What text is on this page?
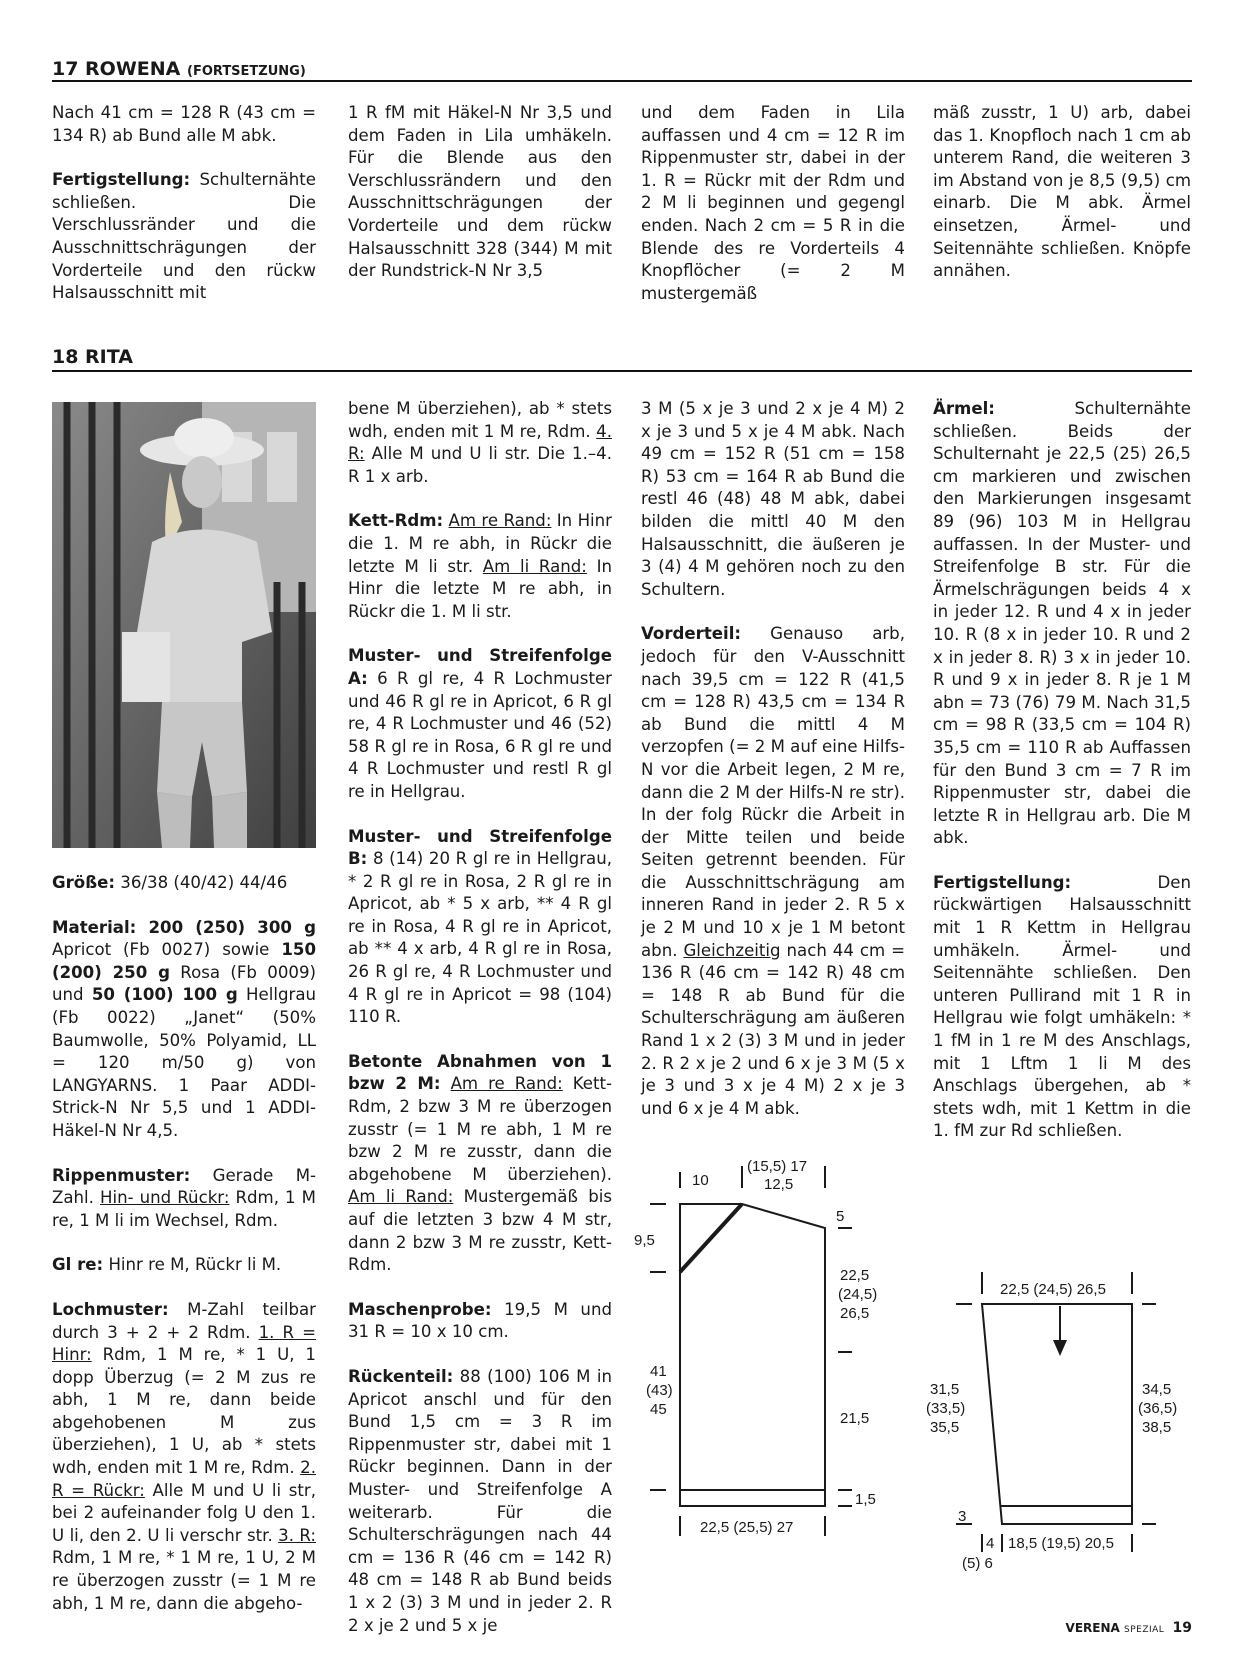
17 ROWENA (FORTSETZUNG)

Nach 41 cm = 128 R (43 cm = 134 R) ab Bund alle M abk.

Fertigstellung: Schulternähte schließen. Die Verschlussränder und die Ausschnittschrägungen der Vorderteile und den rückw Halsausschnitt mit

1 R fM mit Häkel-N Nr 3,5 und dem Faden in Lila umhäkeln. Für die Blende aus den Verschlussrändern und den Ausschnittschrägungen der Vorderteile und dem rückw Halsausschnitt 328 (344) M mit der Rundstrick-N Nr 3,5

und dem Faden in Lila auffassen und 4 cm = 12 R im Rippenmuster str, dabei in der 1. R = Rückr mit der Rdm und 2 M li beginnen und gegengl enden. Nach 2 cm = 5 R in die Blende des re Vorderteils 4 Knopflöcher (= 2 M mustergemäß

mäß zusstr, 1 U) arb, dabei das 1. Knopfloch nach 1 cm ab unterem Rand, die weiteren 3 im Abstand von je 8,5 (9,5) cm einarb. Die M abk. Ärmel einsetzen, Ärmel- und Seitennähte schließen. Knöpfe annähen.

18 RITA

Größe: 36/38 (40/42) 44/46

Material: 200 (250) 300 g Apricot (Fb 0027) sowie 150 (200) 250 g Rosa (Fb 0009) und 50 (100) 100 g Hellgrau (Fb 0022) „Janet“ (50% Baumwolle, 50% Polyamid, LL = 120 m/50 g) von LANGYARNS. 1 Paar ADDI-Strick-N Nr 5,5 und 1 ADDI-Häkel-N Nr 4,5.

Rippenmuster: Gerade M-Zahl. Hin- und Rückr: Rdm, 1 M re, 1 M li im Wechsel, Rdm.

Gl re: Hinr re M, Rückr li M.

Lochmuster: M-Zahl teilbar durch 3 + 2 + 2 Rdm. 1. R = Hinr: Rdm, 1 M re, * 1 U, 1 dopp Überzug (= 2 M zus re abh, 1 M re, dann beide abgehobenen M zus überziehen), 1 U, ab * stets wdh, enden mit 1 M re, Rdm. 2. R = Rückr: Alle M und U li str, bei 2 aufeinander folg U den 1. U li, den 2. U li verschr str. 3. R: Rdm, 1 M re, * 1 M re, 1 U, 2 M re überzogen zusstr (= 1 M re abh, 1 M re, dann die abgeho-

bene M überziehen), ab * stets wdh, enden mit 1 M re, Rdm. 4. R: Alle M und U li str. Die 1.–4. R 1 x arb.

Kett-Rdm: Am re Rand: In Hinr die 1. M re abh, in Rückr die letzte M li str. Am li Rand: In Hinr die letzte M re abh, in Rückr die 1. M li str.

Muster- und Streifenfolge A: 6 R gl re, 4 R Lochmuster und 46 R gl re in Apricot, 6 R gl re, 4 R Lochmuster und 46 (52) 58 R gl re in Rosa, 6 R gl re und 4 R Lochmuster und restl R gl re in Hellgrau.

Muster- und Streifenfolge B: 8 (14) 20 R gl re in Hellgrau, * 2 R gl re in Rosa, 2 R gl re in Apricot, ab * 5 x arb, ** 4 R gl re in Rosa, 4 R gl re in Apricot, ab ** 4 x arb, 4 R gl re in Rosa, 26 R gl re, 4 R Lochmuster und 4 R gl re in Apricot = 98 (104) 110 R.

Betonte Abnahmen von 1 bzw 2 M: Am re Rand: Kett-Rdm, 2 bzw 3 M re überzogen zusstr (= 1 M re abh, 1 M re bzw 2 M re zusstr, dann die abgehobene M überziehen). Am li Rand: Mustergemäß bis auf die letzten 3 bzw 4 M str, dann 2 bzw 3 M re zusstr, Kett-Rdm.

Maschenprobe: 19,5 M und 31 R = 10 x 10 cm.

Rückenteil: 88 (100) 106 M in Apricot anschl und für den Bund 1,5 cm = 3 R im Rippenmuster str, dabei mit 1 Rückr beginnen. Dann in der Muster- und Streifenfolge A weiterarb. Für die Schulterschrägungen nach 44 cm = 136 R (46 cm = 142 R) 48 cm = 148 R ab Bund beids 1 x 2 (3) 3 M und in jeder 2. R 2 x je 2 und 5 x je

3 M (5 x je 3 und 2 x je 4 M) 2 x je 3 und 5 x je 4 M abk. Nach 49 cm = 152 R (51 cm = 158 R) 53 cm = 164 R ab Bund die restl 46 (48) 48 M abk, dabei bilden die mittl 40 M den Halsausschnitt, die äußeren je 3 (4) 4 M gehören noch zu den Schultern.

Vorderteil: Genauso arb, jedoch für den V-Ausschnitt nach 39,5 cm = 122 R (41,5 cm = 128 R) 43,5 cm = 134 R ab Bund die mittl 4 M verzopfen (= 2 M auf eine Hilfs-N vor die Arbeit legen, 2 M re, dann die 2 M der Hilfs-N re str). In der folg Rückr die Arbeit in der Mitte teilen und beide Seiten getrennt beenden. Für die Ausschnittschrägung am inneren Rand in jeder 2. R 5 x je 2 M und 10 x je 1 M betont abn. Gleichzeitig nach 44 cm = 136 R (46 cm = 142 R) 48 cm = 148 R ab Bund für die Schulterschrägung am äußeren Rand 1 x 2 (3) 3 M und in jeder 2. R 2 x je 2 und 6 x je 3 M (5 x je 3 und 3 x je 4 M) 2 x je 3 und 6 x je 4 M abk.

Ärmel: Schulternähte schließen. Beids der Schulternaht je 22,5 (25) 26,5 cm markieren und zwischen den Markierungen insgesamt 89 (96) 103 M in Hellgrau auffassen. In der Muster- und Streifenfolge B str. Für die Ärmelschrägungen beids 4 x in jeder 12. R und 4 x in jeder 10. R (8 x in jeder 10. R und 2 x in jeder 8. R) 3 x in jeder 10. R und 9 x in jeder 8. R je 1 M abn = 73 (76) 79 M. Nach 31,5 cm = 98 R (33,5 cm = 104 R) 35,5 cm = 110 R ab Auffassen für den Bund 3 cm = 7 R im Rippenmuster str, dabei die letzte R in Hellgrau arb. Die M abk.

Fertigstellung: Den rückwärtigen Halsausschnitt mit 1 R Kettm in Hellgrau umhäkeln. Ärmel- und Seitennähte schließen. Den unteren Pullirand mit 1 R in Hellgrau wie folgt umhäkeln: * 1 fM in 1 re M des Anschlags, mit 1 Lftm 1 li M des Anschlags übergehen, ab * stets wdh, mit 1 Kettm in die 1. fM zur Rd schließen.

10
(15,5) 17
12,5
9,5
5
22,5
(24,5)
26,5
41
(43)
45
21,5
1,5
22,5 (25,5) 27
22,5 (24,5) 26,5
31,5
(33,5)
35,5
34,5
(36,5)
38,5
3
4 18,5 (19,5) 20,5
(5) 6
VERENA SPEZIAL 19
